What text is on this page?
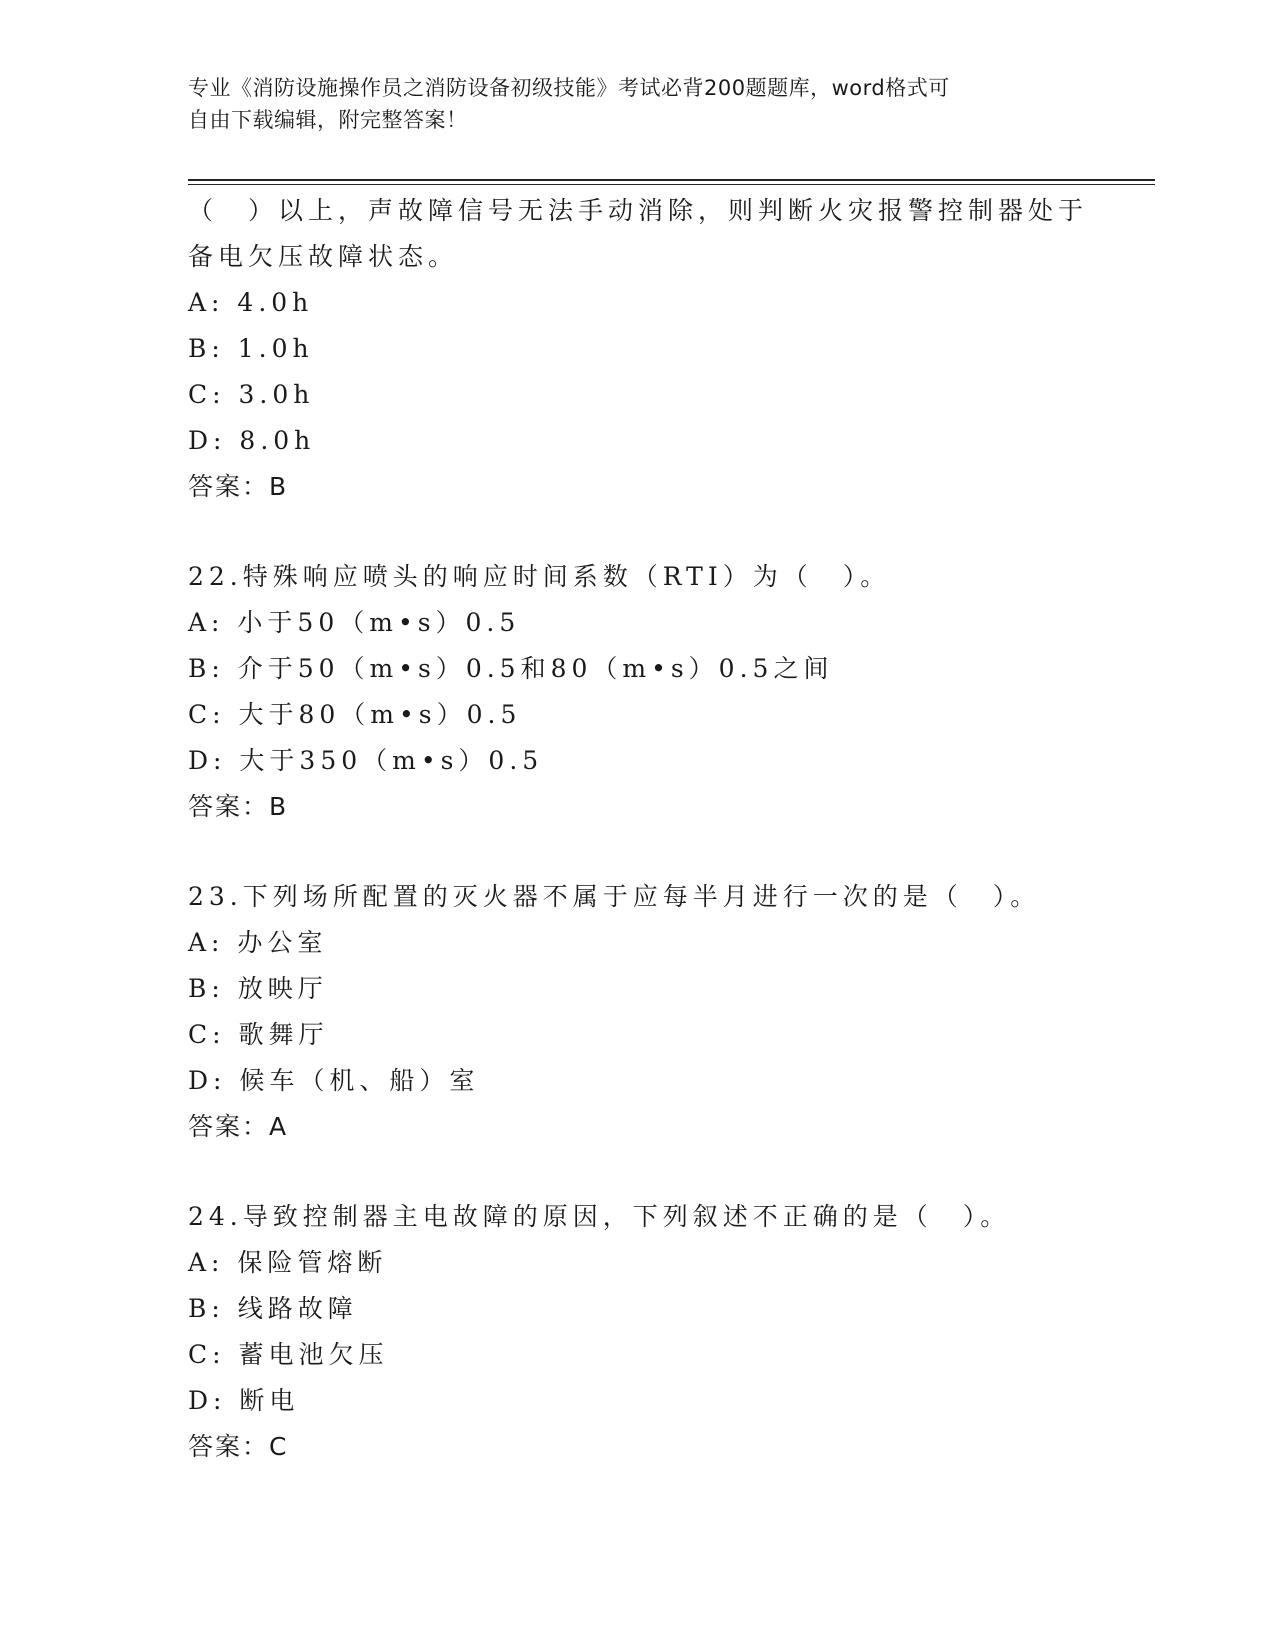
专业《消防设施操作员之消防设备初级技能》考试必背200题题库，word格式可
自由下载编辑，附完整答案！
（　）以上，声故障信号无法手动消除，则判断火灾报警控制器处于
备电欠压故障状态。
A: 4.0h
B: 1.0h
C: 3.0h
D: 8.0h
答案：B
22.特殊响应喷头的响应时间系数（RTI）为（　）。
A: 小于50（m•s）0.5
B: 介于50（m•s）0.5和80（m•s）0.5之间
C: 大于80（m•s）0.5
D: 大于350（m•s）0.5
答案：B
23.下列场所配置的灭火器不属于应每半月进行一次的是（　）。
A: 办公室
B: 放映厅
C: 歌舞厅
D: 候车（机、船）室
答案：A
24.导致控制器主电故障的原因，下列叙述不正确的是（　）。
A: 保险管熔断
B: 线路故障
C: 蓄电池欠压
D: 断电
答案：C
